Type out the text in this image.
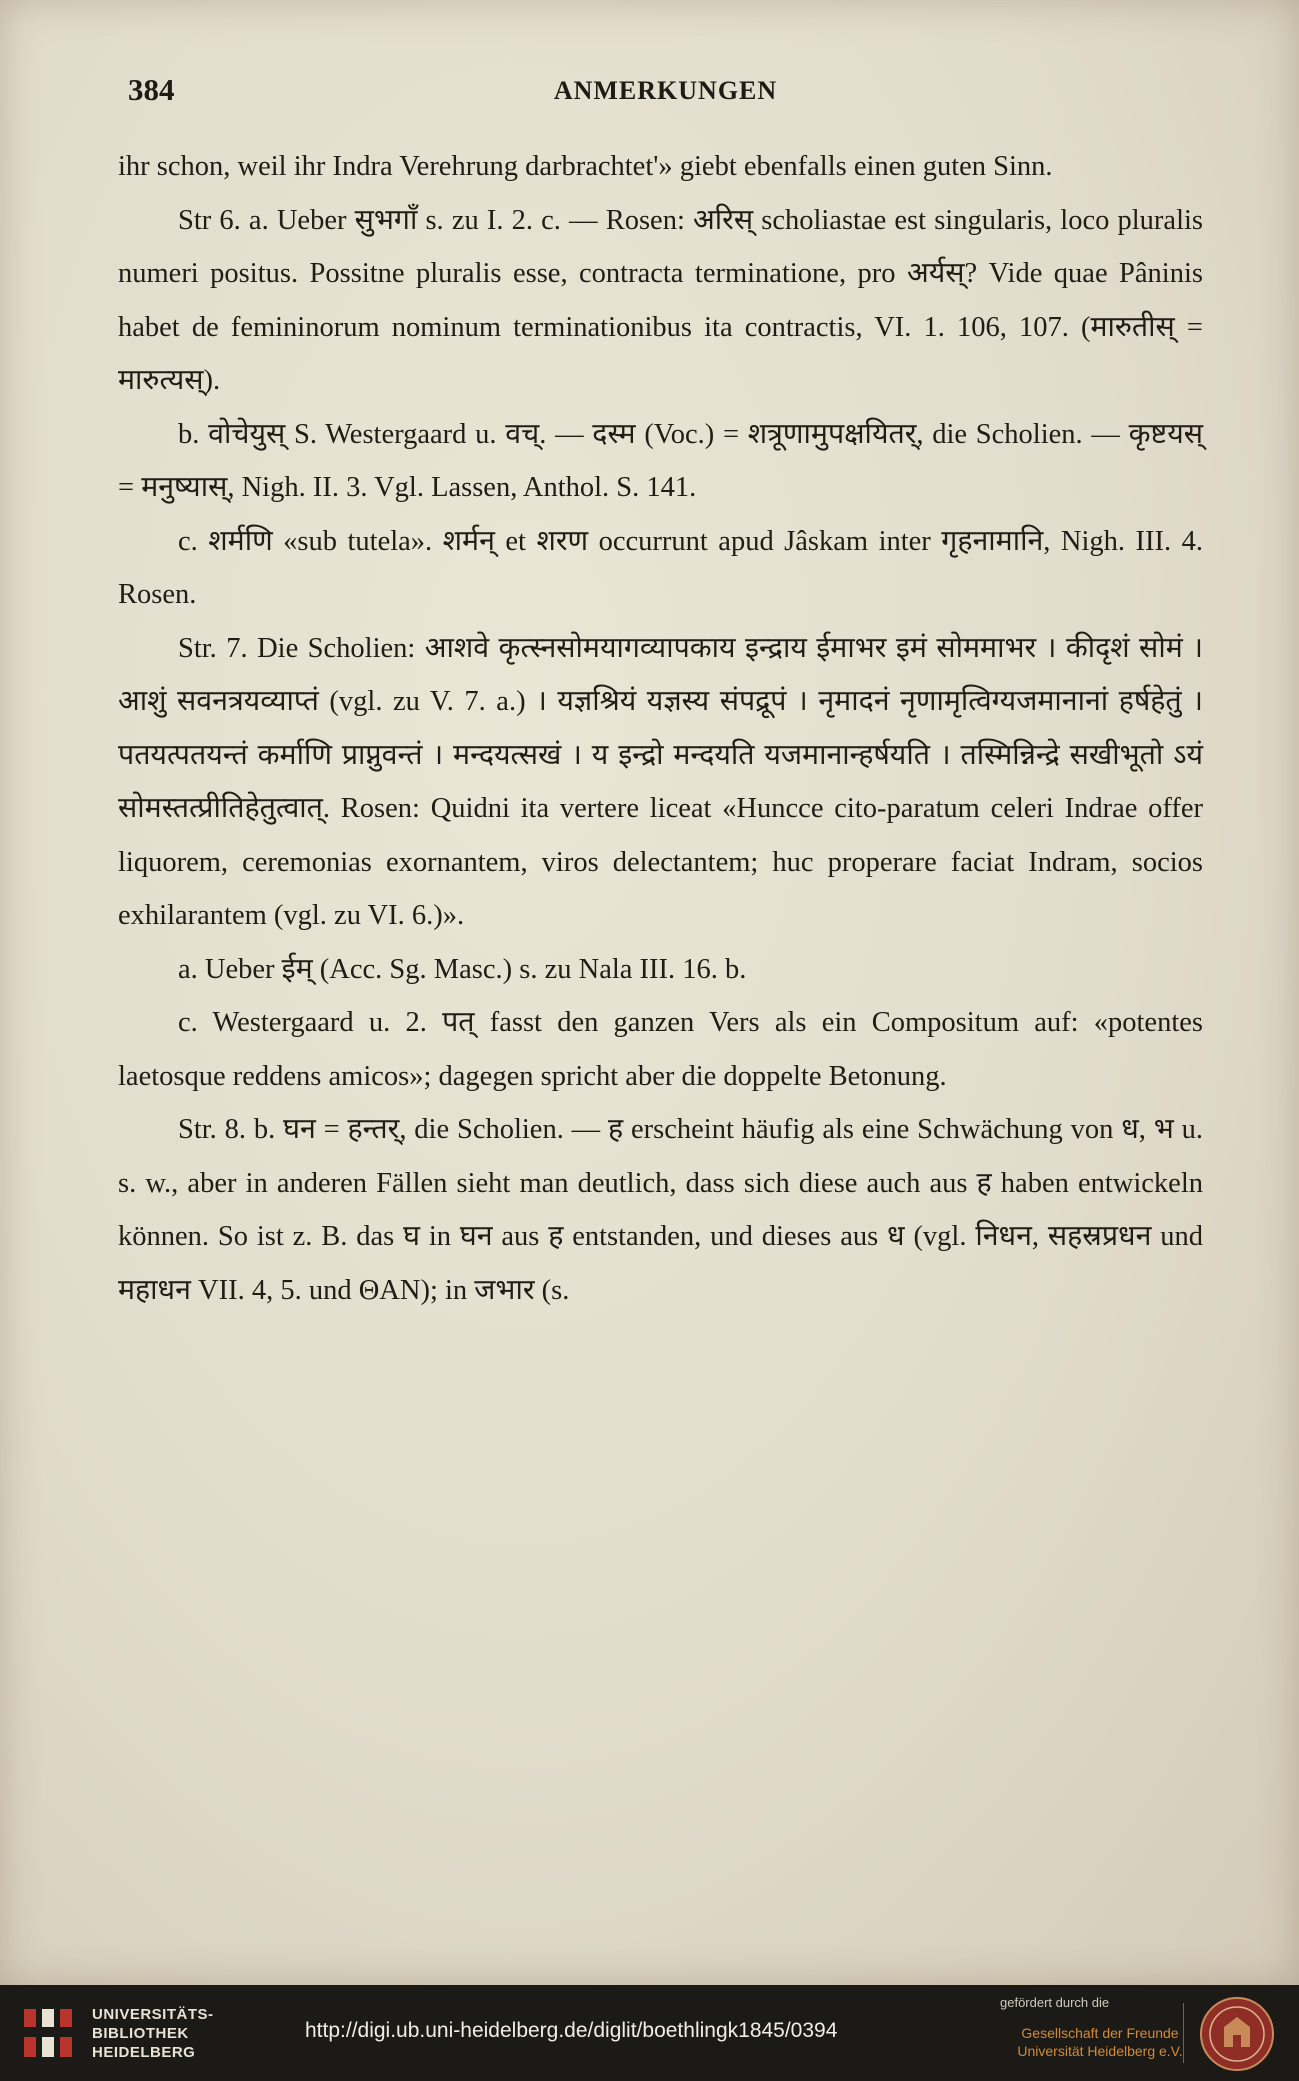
384	ANMERKUNGEN

ihr schon, weil ihr Indra Verehrung darbrachtet'» giebt ebenfalls einen guten Sinn.

Str 6. a. Ueber सुभगाँ s. zu I. 2. c. — Rosen: अरिस् scholiastae est singularis, loco pluralis numeri positus. Possitne pluralis esse, contracta terminatione, pro अर्यस्? Vide quae Pâninis habet de femininorum nominum terminationibus ita contractis, VI. 1. 106, 107. (मारुतीस् = मारुत्यस्).

b. वोचेयुस् S. Westergaard u. वच्. — दस्म (Voc.) = शत्रूणामुपक्षयितर्, die Scholien. — कृष्टयस् = मनुष्यास्, Nigh. II. 3. Vgl. Lassen, Anthol. S. 141.

c. शर्मणि «sub tutela». शर्मन् et शरण occurrunt apud Jâskam inter गृहनामानि, Nigh. III. 4. Rosen.

Str. 7. Die Scholien: आशवे कृत्स्नसोमयागव्यापकाय इन्द्राय ईमाभर इमं सोममाभर । कीदृशं सोमं । आशुं सवनत्रयव्याप्तं (vgl. zu V. 7. a.) । यज्ञश्रियं यज्ञस्य संपद्रूपं । नृमादनं नृणामृत्विग्यजमानानां हर्षहेतुं । पतयत्पतयन्तं कर्माणि प्राप्नुवन्तं । मन्दयत्सखं । य इन्द्रो मन्दयति यजमानान्हर्षयति । तस्मिन्निन्द्रे सखीभूतो ऽयं सोमस्तत्प्रीतिहेतुत्वात्. Rosen: Quidni ita vertere liceat «Huncce cito-paratum celeri Indrae offer liquorem, ceremonias exornantem, viros delectantem; huc properare faciat Indram, socios exhilarantem (vgl. zu VI. 6.)».

a. Ueber ईम् (Acc. Sg. Masc.) s. zu Nala III. 16. b.

c. Westergaard u. 2. पत् fasst den ganzen Vers als ein Compositum auf: «potentes laetosque reddens amicos»; dagegen spricht aber die doppelte Betonung.

Str. 8. b. घन = हन्तर्, die Scholien. — ह erscheint häufig als eine Schwächung von ध, भ u. s. w., aber in anderen Fällen sieht man deutlich, dass sich diese auch aus ह haben entwickeln können. So ist z. B. das घ in घन aus ह entstanden, und dieses aus ध (vgl. निधन, सहस्रप्रधन und महाधन VII. 4, 5. und ΘAN); in जभार (s.

UNIVERSITÄTS-
BIBLIOTHEK
HEIDELBERG
http://digi.ub.uni-heidelberg.de/diglit/boethlingk1845/0394
gefördert durch die
Gesellschaft der Freunde
Universität Heidelberg e.V.
